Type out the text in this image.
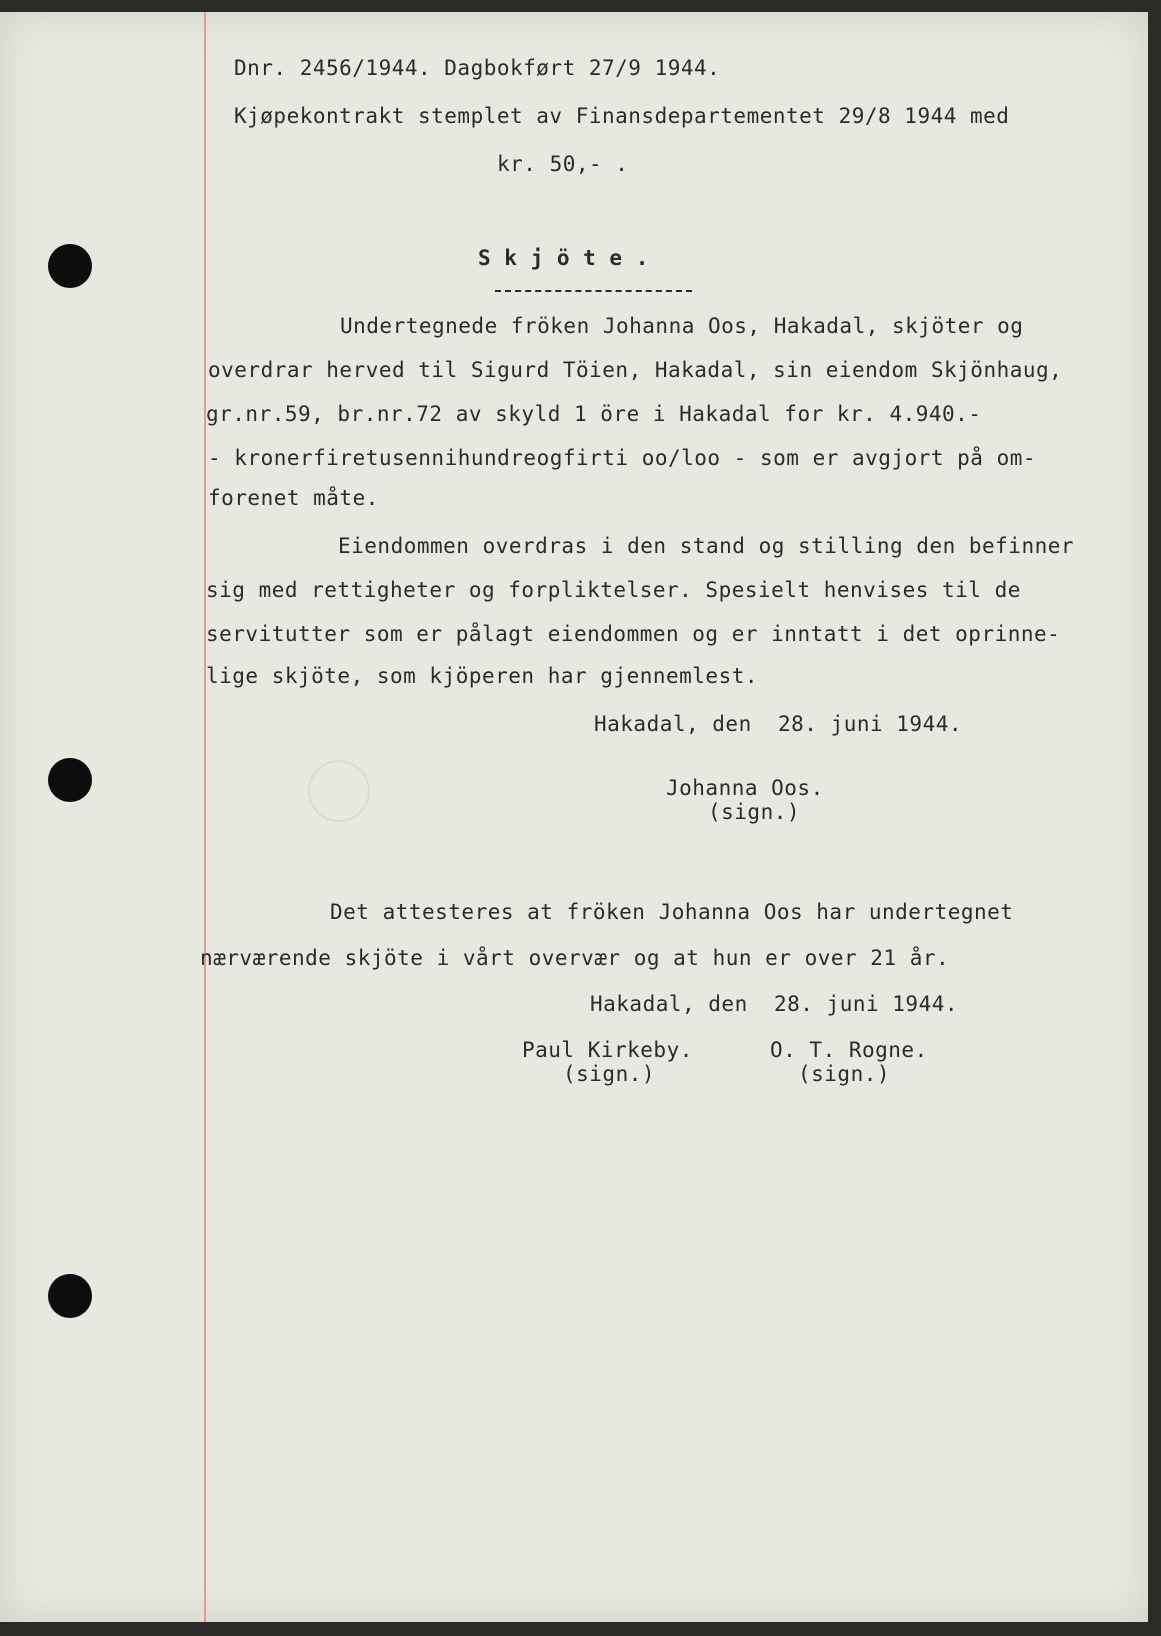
Dnr. 2456/1944. Dagbokført 27/9 1944.
Kjøpekontrakt stemplet av Finansdepartementet 29/8 1944 med
kr. 50,- .
S k j ö t e .
Undertegnede fröken Johanna Oos, Hakadal, skjöter og
overdrar herved til Sigurd Töien, Hakadal, sin eiendom Skjönhaug,
gr.nr.59, br.nr.72 av skyld 1 öre i Hakadal for kr. 4.940.-
- kronerfiretusennihundreogfirti oo/loo - som er avgjort på om-
forenet måte.
Eiendommen overdras i den stand og stilling den befinner
sig med rettigheter og forpliktelser. Spesielt henvises til de
servitutter som er pålagt eiendommen og er inntatt i det oprinne-
lige skjöte, som kjöperen har gjennemlest.
Hakadal, den  28. juni 1944.
Johanna Oos.
(sign.)
Det attesteres at fröken Johanna Oos har undertegnet
nærværende skjöte i vårt overvær og at hun er over 21 år.
Hakadal, den  28. juni 1944.
Paul Kirkeby.
(sign.)
O. T. Rogne.
(sign.)
